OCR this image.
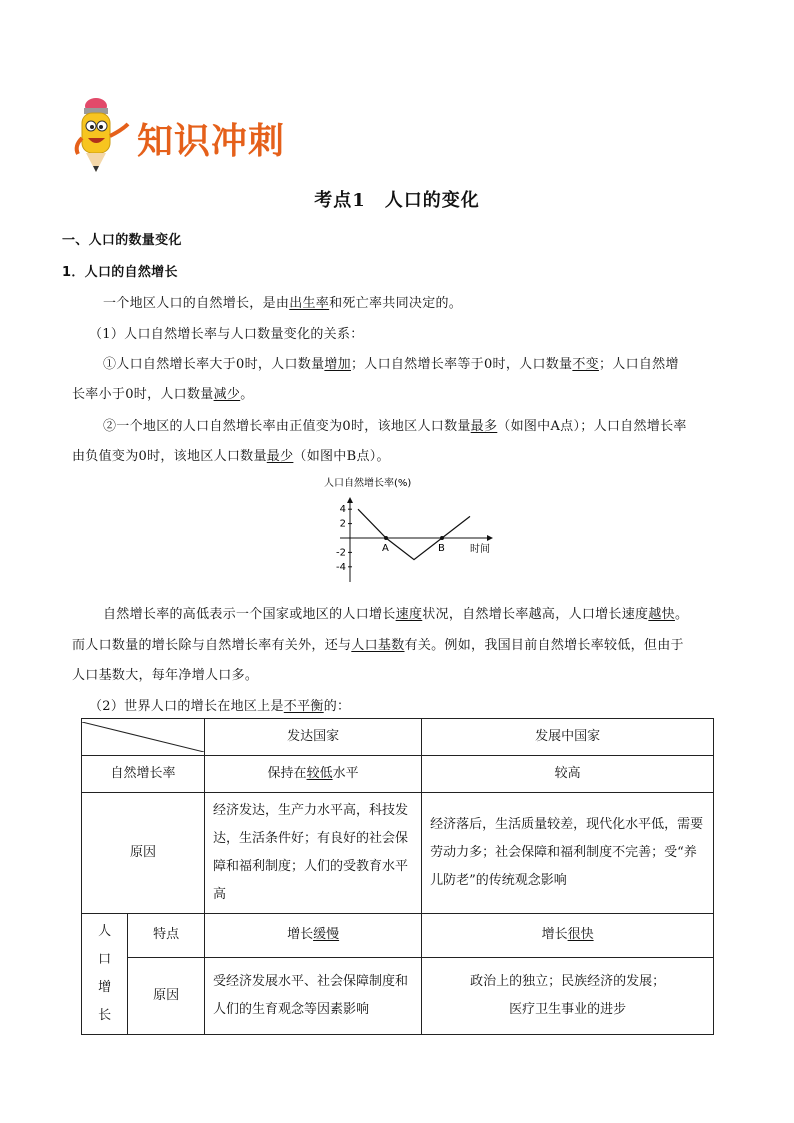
知识冲刺
考点1　人口的变化
一、人口的数量变化
1．人口的自然增长
一个地区人口的自然增长，是由出生率和死亡率共同决定的。
（1）人口自然增长率与人口数量变化的关系：
①人口自然增长率大于0时，人口数量增加；人口自然增长率等于0时，人口数量不变；人口自然增
长率小于0时，人口数量减少。
②一个地区的人口自然增长率由正值变为0时，该地区人口数量最多（如图中A点）；人口自然增长率
由负值变为0时，该地区人口数量最少（如图中B点）。
人口自然增长率(%)
时间
4
2
-2
-4
A	B
自然增长率的高低表示一个国家或地区的人口增长速度状况，自然增长率越高，人口增长速度越快。
而人口数量的增长除与自然增长率有关外，还与人口基数有关。例如，我国目前自然增长率较低，但由于
人口基数大，每年净增人口多。
（2）世界人口的增长在地区上是不平衡的：
	发达国家	发展中国家
自然增长率		保持在较低水平	较高
原因		经济发达，生产力水平高，科技发达，生活条件好；有良好的社会保障和福利制度；人们的受教育水平高	经济落后，生活质量较差，现代化水平低，需要劳动力多；社会保障和福利制度不完善；受“养儿防老”的传统观念影响
人口增长	特点	增长缓慢	增长很快
	原因	受经济发展水平、社会保障制度和人们的生育观念等因素影响	政治上的独立；民族经济的发展；
医疗卫生事业的进步
